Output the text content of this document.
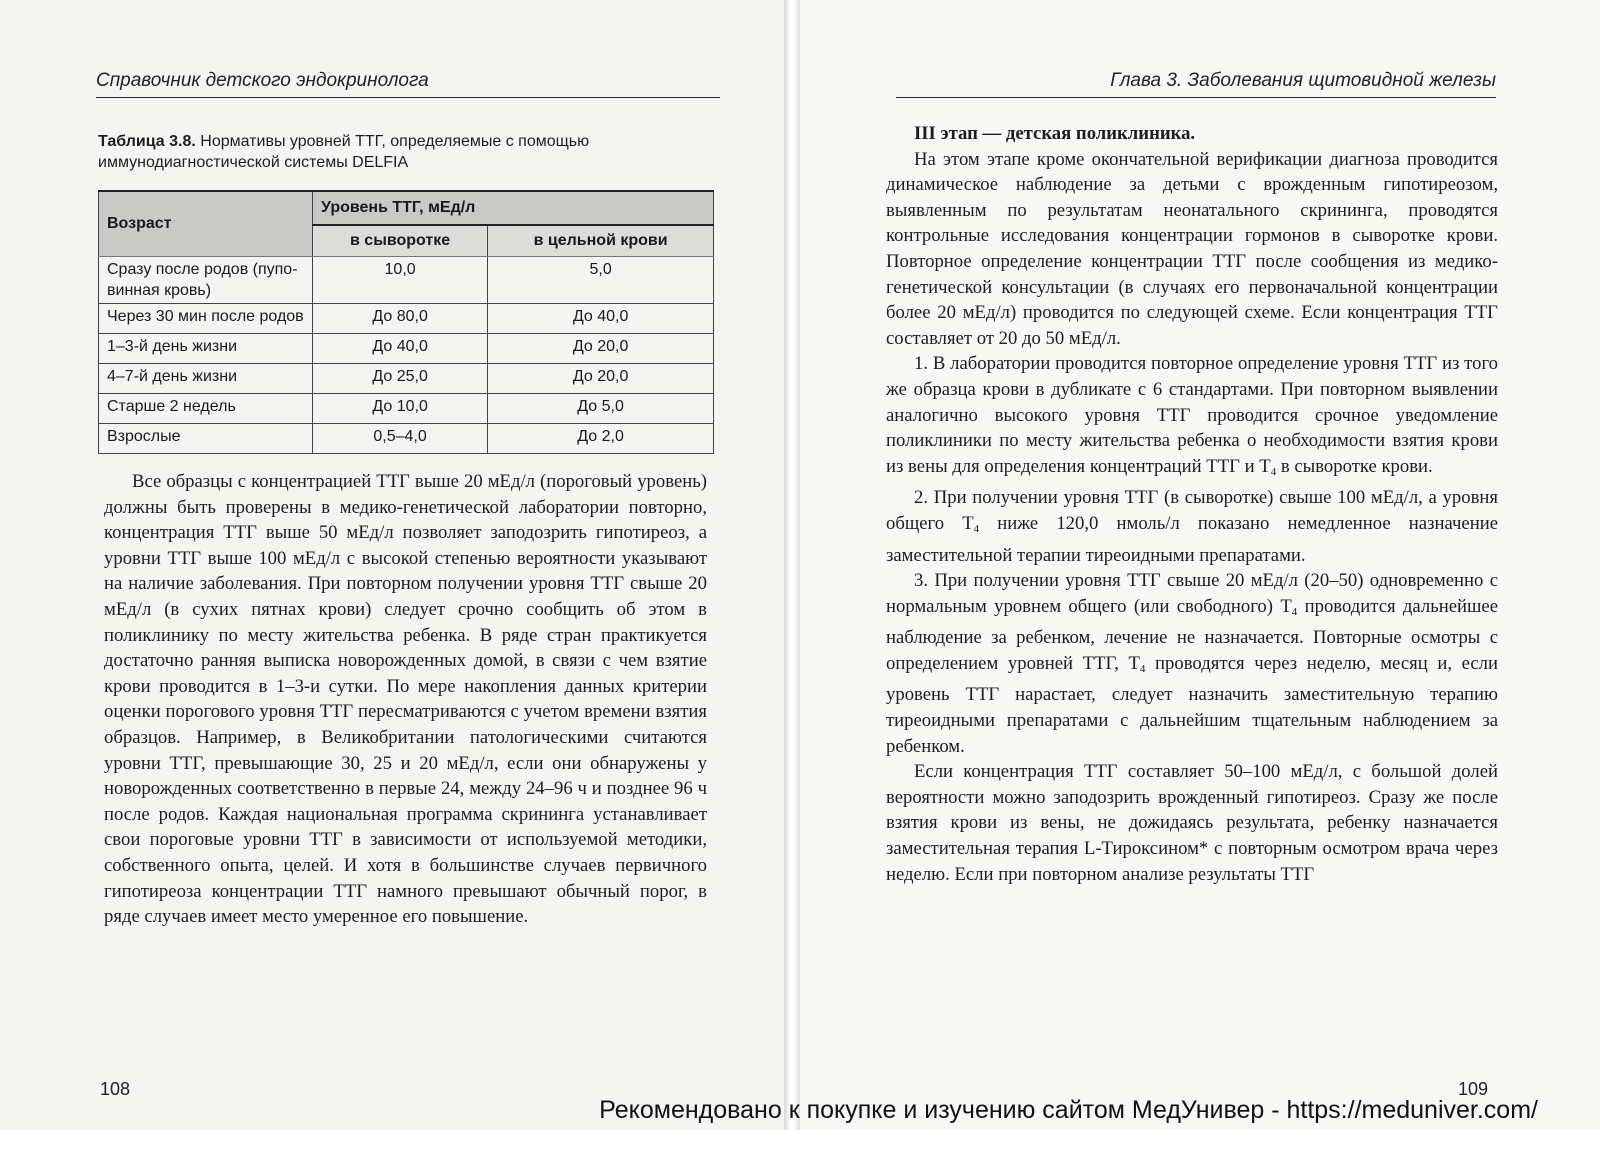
Справочник детского эндокринолога
Таблица 3.8. Нормативы уровней ТТГ, определяемые с помощью
иммунодиагностической системы DELFIA
Возраст	Уровень ТТГ, мЕд/л	
	в сыворотке	в цельной крови
Сразу после родов (пупо-
винная кровь)	10,0	5,0
Через 30 мин после родов	До 80,0	До 40,0
1–3-й день жизни	До 40,0	До 20,0
4–7-й день жизни	До 25,0	До 20,0
Старше 2 недель	До 10,0	До 5,0
Взрослые	0,5–4,0	До 2,0

Все образцы с концентрацией ТТГ выше 20 мЕд/л (пороговый уровень) должны быть проверены в медико-генетической лаборатории повторно, концентрация ТТГ выше 50 мЕд/л позволяет заподозрить гипотиреоз, а уровни ТТГ выше 100 мЕд/л с высокой степенью вероятности указывают на наличие заболевания. При повторном получении уровня ТТГ свыше 20 мЕд/л (в сухих пятнах крови) следует срочно сообщить об этом в поликлинику по месту жительства ребенка. В ряде стран практикуется достаточно ранняя выписка новорожденных домой, в связи с чем взятие крови проводится в 1–3-и сутки. По мере накопления данных критерии оценки порогового уровня ТТГ пересматриваются с учетом времени взятия образцов. Например, в Великобритании патологическими считаются уровни ТТГ, превышающие 30, 25 и 20 мЕд/л, если они обнаружены у новорожденных соответственно в первые 24, между 24–96 ч и позднее 96 ч после родов. Каждая национальная программа скрининга устанавливает свои пороговые уровни ТТГ в зависимости от используемой методики, собственного опыта, целей. И хотя в большинстве случаев первичного гипотиреоза концентрации ТТГ намного превышают обычный порог, в ряде случаев имеет место умеренное его повышение.

108
Глава 3. Заболевания щитовидной железы

III этап — детская поликлиника.

На этом этапе кроме окончательной верификации диагноза проводится динамическое наблюдение за детьми с врожденным гипотиреозом, выявленным по результатам неонатального скрининга, проводятся контрольные исследования концентрации гормонов в сыворотке крови. Повторное определение концентрации ТТГ после сообщения из медико-генетической консультации (в случаях его первоначальной концентрации более 20 мЕд/л) проводится по следующей схеме. Если концентрация ТТГ составляет от 20 до 50 мЕд/л.

1. В лаборатории проводится повторное определение уровня ТТГ из того же образца крови в дубликате с 6 стандартами. При повторном выявлении аналогично высокого уровня ТТГ проводится срочное уведомление поликлиники по месту жительства ребенка о необходимости взятия крови из вены для определения концентраций ТТГ и $Т_4$ в сыворотке крови.

2. При получении уровня ТТГ (в сыворотке) свыше 100 мЕд/л, а уровня общего $Т_4$ ниже 120,0 нмоль/л показано немедленное назначение заместительной терапии тиреоидными препаратами.

3. При получении уровня ТТГ свыше 20 мЕд/л (20–50) одновременно с нормальным уровнем общего (или свободного) $Т_4$ проводится дальнейшее наблюдение за ребенком, лечение не назначается. Повторные осмотры с определением уровней ТТГ, $Т_4$ проводятся через неделю, месяц и, если уровень ТТГ нарастает, следует назначить заместительную терапию тиреоидными препаратами с дальнейшим тщательным наблюдением за ребенком.

Если концентрация ТТГ составляет 50–100 мЕд/л, с большой долей вероятности можно заподозрить врожденный гипотиреоз. Сразу же после взятия крови из вены, не дожидаясь результата, ребенку назначается заместительная терапия L-Тироксином* с повторным осмотром врача через неделю. Если при повторном анализе результаты ТТГ

109
Рекомендовано к покупке и изучению сайтом МедУнивер - https://meduniver.com/
